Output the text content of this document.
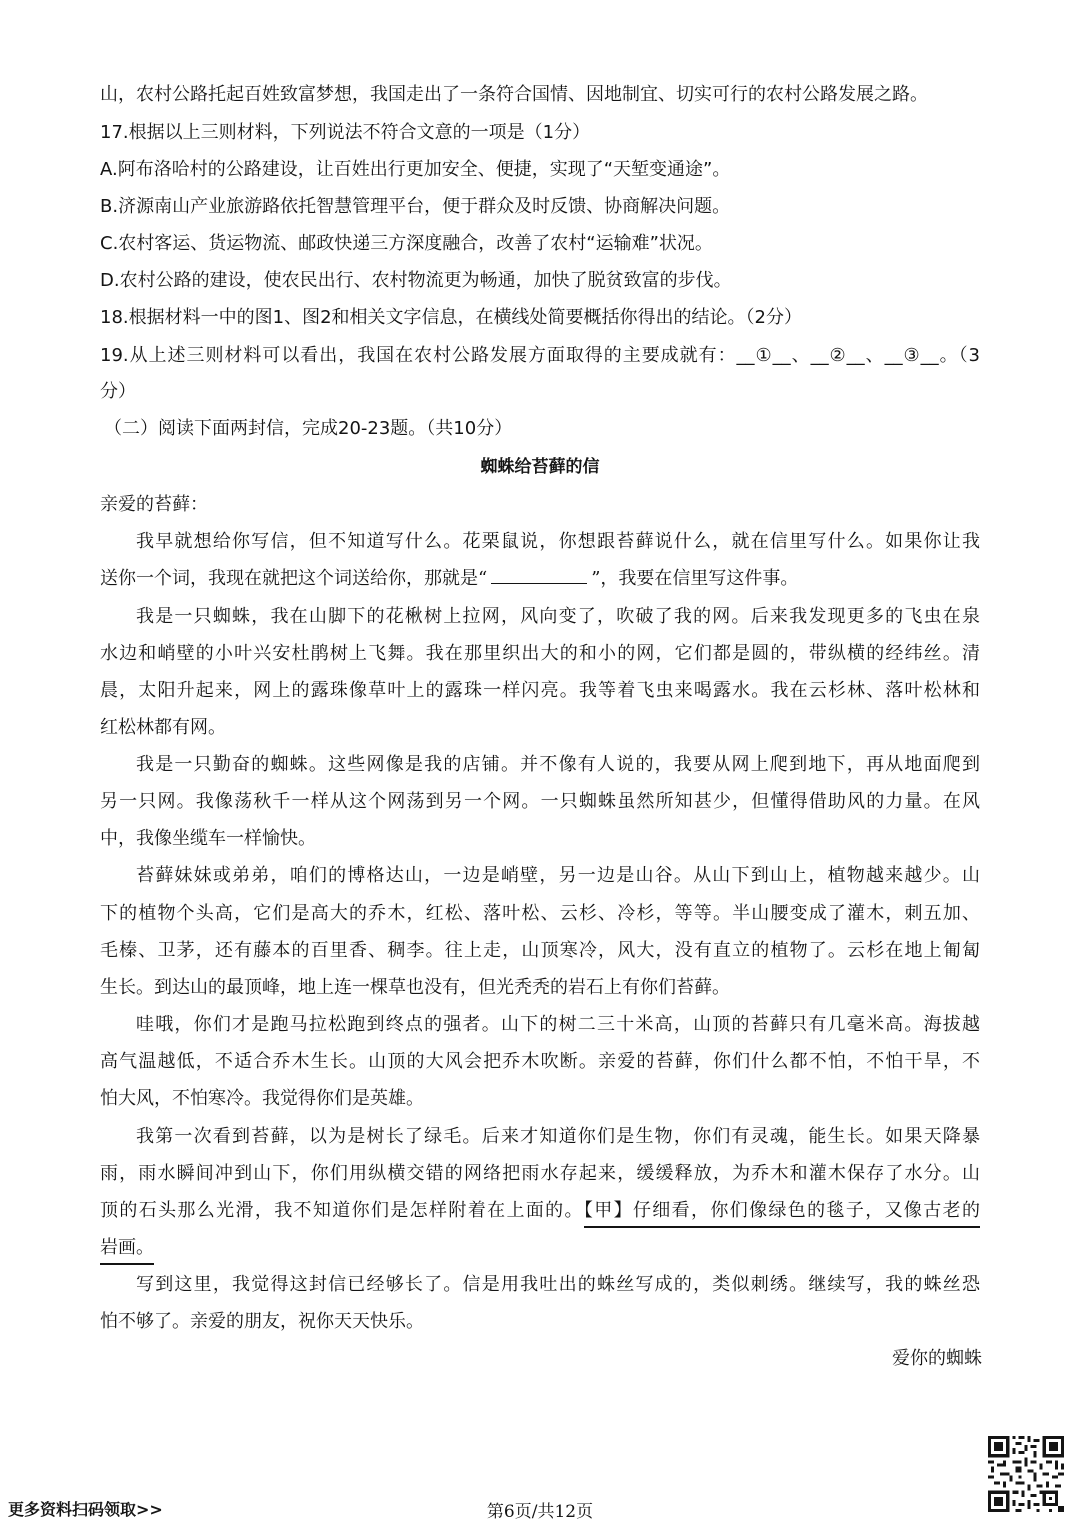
山，农村公路托起百姓致富梦想，我国走出了一条符合国情、因地制宜、切实可行的农村公路发展之路。
17.根据以上三则材料，下列说法不符合文意的一项是（1分）
A.阿布洛哈村的公路建设，让百姓出行更加安全、便捷，实现了“天堑变通途”。
B.济源南山产业旅游路依托智慧管理平台，便于群众及时反馈、协商解决问题。
C.农村客运、货运物流、邮政快递三方深度融合，改善了农村“运输难”状况。
D.农村公路的建设，使农民出行、农村物流更为畅通，加快了脱贫致富的步伐。
18.根据材料一中的图1、图2和相关文字信息，在横线处简要概括你得出的结论。（2分）
19.从上述三则材料可以看出，我国在农村公路发展方面取得的主要成就有：__①__、__②__、__③__。（3
分）
（二）阅读下面两封信，完成20-23题。（共10分）
蜘蛛给苔藓的信
亲爱的苔藓：
我早就想给你写信，但不知道写什么。花栗鼠说，你想跟苔藓说什么，就在信里写什么。如果你让我
送你一个词，我现在就把这个词送给你，那就是“	”，我要在信里写这件事。
我是一只蜘蛛，我在山脚下的花楸树上拉网，风向变了，吹破了我的网。后来我发现更多的飞虫在泉
水边和峭壁的小叶兴安杜鹃树上飞舞。我在那里织出大的和小的网，它们都是圆的，带纵横的经纬丝。清
晨，太阳升起来，网上的露珠像草叶上的露珠一样闪亮。我等着飞虫来喝露水。我在云杉林、落叶松林和
红松林都有网。
我是一只勤奋的蜘蛛。这些网像是我的店铺。并不像有人说的，我要从网上爬到地下，再从地面爬到
另一只网。我像荡秋千一样从这个网荡到另一个网。一只蜘蛛虽然所知甚少，但懂得借助风的力量。在风
中，我像坐缆车一样愉快。
苔藓妹妹或弟弟，咱们的博格达山，一边是峭壁，另一边是山谷。从山下到山上，植物越来越少。山
下的植物个头高，它们是高大的乔木，红松、落叶松、云杉、冷杉，等等。半山腰变成了灌木，刺五加、
毛榛、卫茅，还有藤本的百里香、稠李。往上走，山顶寒冷，风大，没有直立的植物了。云杉在地上匍匐
生长。到达山的最顶峰，地上连一棵草也没有，但光秃秃的岩石上有你们苔藓。
哇哦，你们才是跑马拉松跑到终点的强者。山下的树二三十米高，山顶的苔藓只有几毫米高。海拔越
高气温越低，不适合乔木生长。山顶的大风会把乔木吹断。亲爱的苔藓，你们什么都不怕，不怕干旱，不
怕大风，不怕寒冷。我觉得你们是英雄。
我第一次看到苔藓，以为是树长了绿毛。后来才知道你们是生物，你们有灵魂，能生长。如果天降暴
雨，雨水瞬间冲到山下，你们用纵横交错的网络把雨水存起来，缓缓释放，为乔木和灌木保存了水分。山
顶的石头那么光滑，我不知道你们是怎样附着在上面的。【甲】仔细看，你们像绿色的毯子，又像古老的
岩画。
写到这里，我觉得这封信已经够长了。信是用我吐出的蛛丝写成的，类似刺绣。继续写，我的蛛丝恐
怕不够了。亲爱的朋友，祝你天天快乐。
爱你的蜘蛛
更多资料扫码领取>>	第6页/共12页
